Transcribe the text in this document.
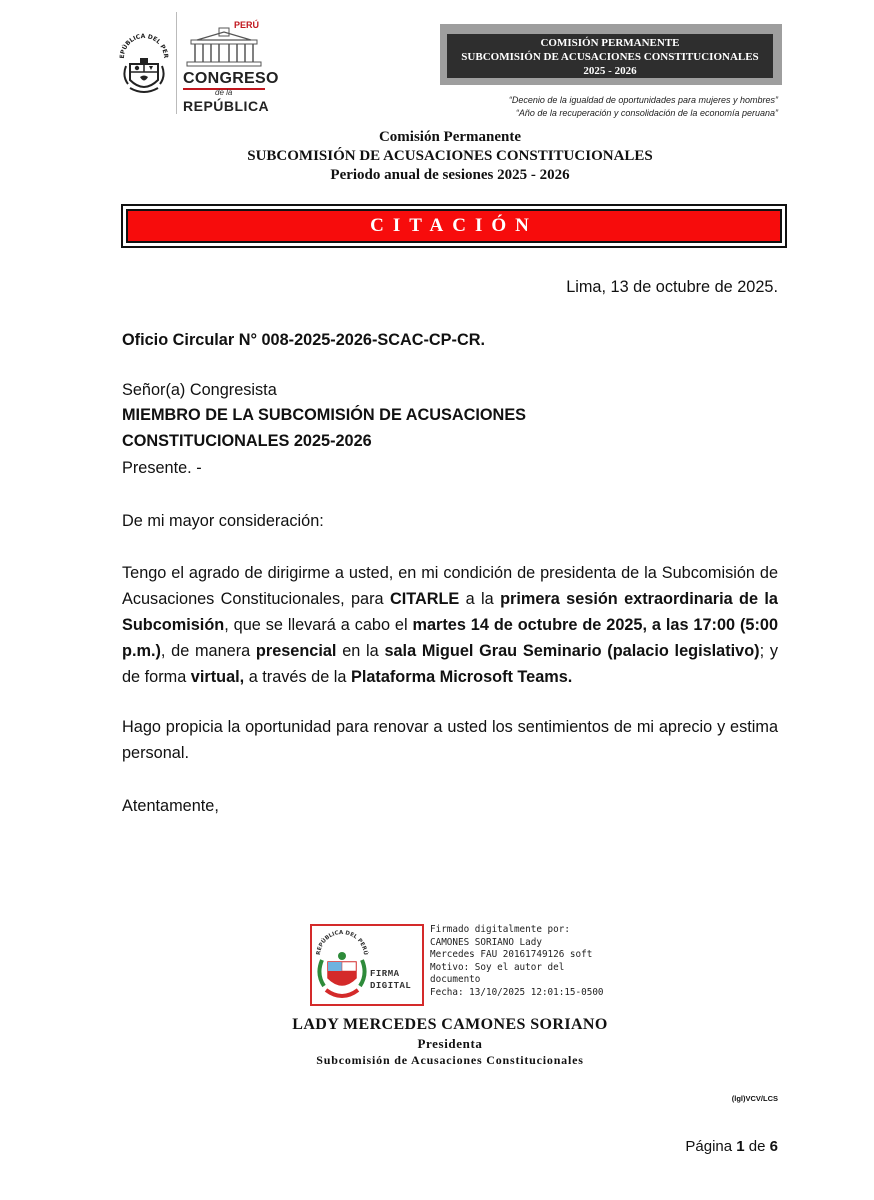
EPÚBLICA DEL PER
PERÚ
CONGRESO
de la
REPÚBLICA
COMISIÓN PERMANENTE
SUBCOMISIÓN DE ACUSACIONES CONSTITUCIONALES
2025 - 2026
“Decenio de la igualdad de oportunidades para mujeres y hombres”
“Año de la recuperación y consolidación de la economía peruana”
Comisión Permanente
SUBCOMISIÓN DE ACUSACIONES CONSTITUCIONALES
Periodo anual de sesiones 2025 - 2026
CITACIÓN
Lima, 13 de octubre de 2025.
Oficio Circular N° 008-2025-2026-SCAC-CP-CR.
Señor(a) Congresista
MIEMBRO DE LA SUBCOMISIÓN DE ACUSACIONES
CONSTITUCIONALES 2025-2026
Presente. -
De mi mayor consideración:
Tengo el agrado de dirigirme a usted, en mi condición de presidenta de la Subcomisión de Acusaciones Constitucionales, para CITARLE a la primera sesión extraordinaria de la Subcomisión, que se llevará a cabo el martes 14 de octubre de 2025, a las 17:00 (5:00 p.m.), de manera presencial en la sala Miguel Grau Seminario (palacio legislativo); y de forma virtual, a través de la Plataforma Microsoft Teams.
Hago propicia la oportunidad para renovar a usted los sentimientos de mi aprecio y estima personal.
Atentamente,
REPÚBLICA DEL PERÚ
FIRMA
DIGITAL
Firmado digitalmente por:
CAMONES SORIANO Lady
Mercedes FAU 20161749126 soft
Motivo: Soy el autor del
documento
Fecha: 13/10/2025 12:01:15-0500
LADY MERCEDES CAMONES SORIANO
Presidenta
Subcomisión de Acusaciones Constitucionales
(lgl)VCV/LCS
Página 1 de 6
